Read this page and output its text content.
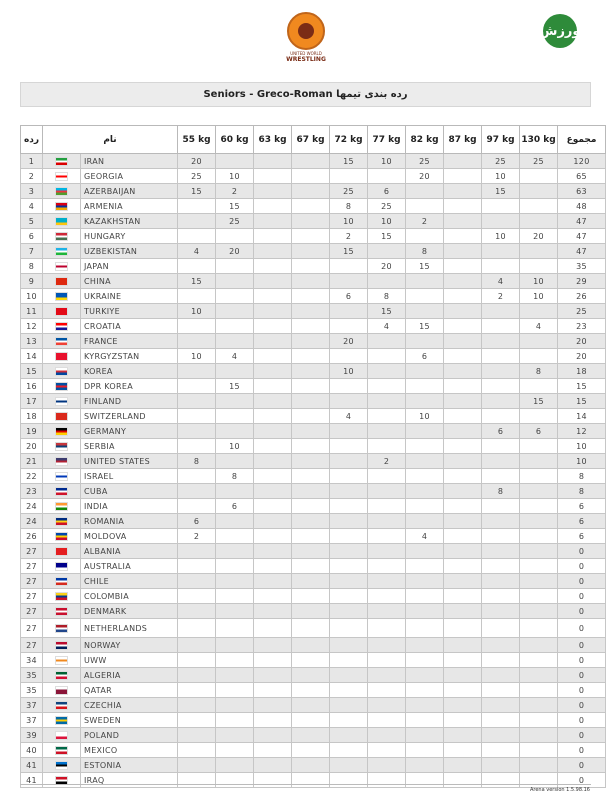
UNITED WORLD
WRESTLING
ورزش
Seniors - Greco-Roman ﺭﺩﻩ ﺑﻨﺪﯼ ﺗﯿﻤﻬﺎ
رده	نام		55 kg	60 kg	63 kg	67 kg	72 kg	77 kg	82 kg	87 kg	97 kg	130 kg	مجموع
1		IRAN	20				15	10	25		25	25	120
2		GEORGIA	25	10					20		10		65
3		AZERBAIJAN	15	2			25	6			15		63
4		ARMENIA		15			8	25					48
5		KAZAKHSTAN		25			10	10	2				47
6		HUNGARY					2	15			10	20	47
7		UZBEKISTAN	4	20			15		8				47
8		JAPAN						20	15				35
9		CHINA	15								4	10	29
10		UKRAINE					6	8			2	10	26
11		TURKIYE	10					15					25
12		CROATIA						4	15			4	23
13		FRANCE					20						20
14		KYRGYZSTAN	10	4					6				20
15		KOREA					10					8	18
16		DPR KOREA		15									15
17		FINLAND										15	15
18		SWITZERLAND					4		10				14
19		GERMANY									6	6	12
20		SERBIA		10									10
21		UNITED STATES	8					2					10
22		ISRAEL		8									8
23		CUBA									8		8
24		INDIA		6									6
24		ROMANIA	6										6
26		MOLDOVA	2						4				6
27		ALBANIA											0
27		AUSTRALIA											0
27		CHILE											0
27		COLOMBIA											0
27		DENMARK											0
27		NETHERLANDS											0
27		NORWAY											0
34		UWW											0
35		ALGERIA											0
35		QATAR											0
37		CZECHIA											0
37		SWEDEN											0
39		POLAND											0
40		MEXICO											0
41		ESTONIA											0
41		IRAQ											0
Arena version 1.5.98.16
